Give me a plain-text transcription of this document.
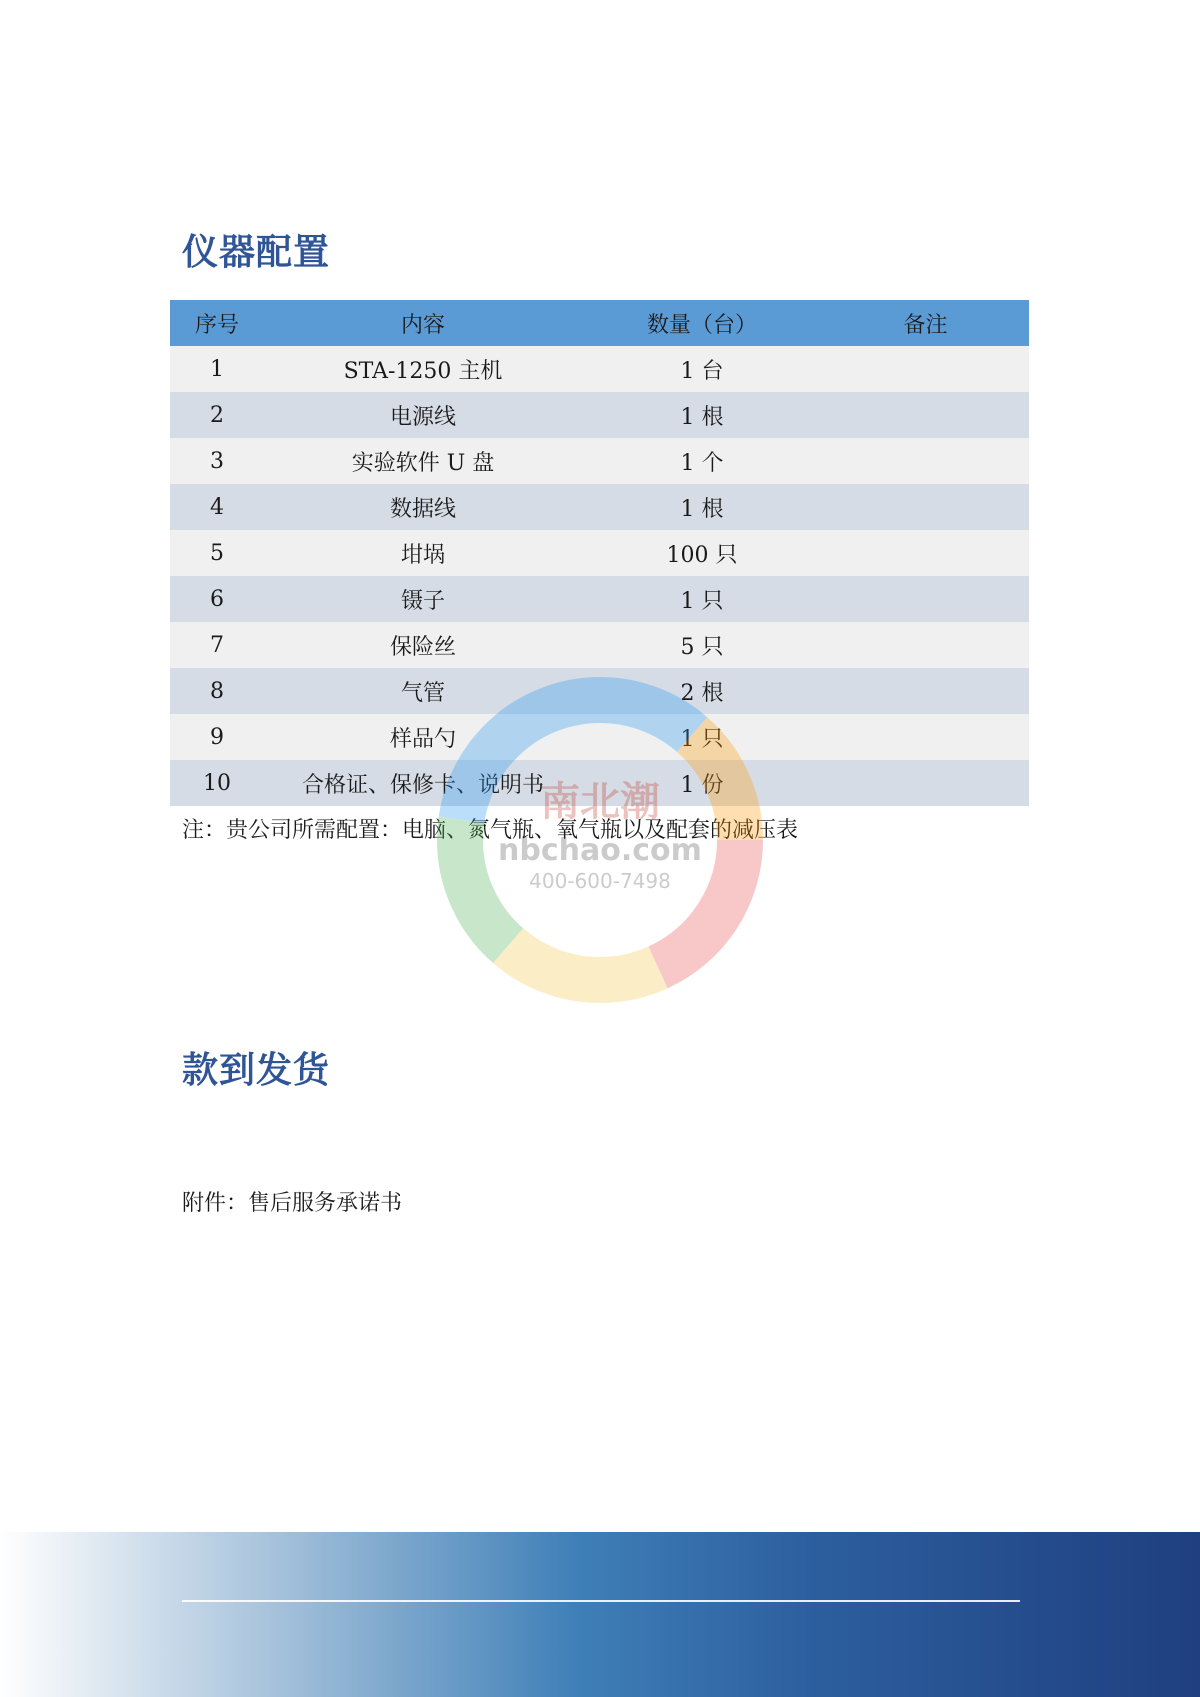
仪器配置
序号	内容	数量（台）	备注
1	STA-1250 主机	1 台	
2	电源线	1 根	
3	实验软件 U 盘	1 个	
4	数据线	1 根	
5	坩埚	100 只	
6	镊子	1 只	
7	保险丝	5 只	
8	气管	2 根	
9	样品勺	1 只	
10	合格证、保修卡、说明书	1 份	

注：贵公司所需配置：电脑、氮气瓶、氧气瓶以及配套的减压表

南北潮
nbchao.com
400-600-7498
款到发货

附件：售后服务承诺书
